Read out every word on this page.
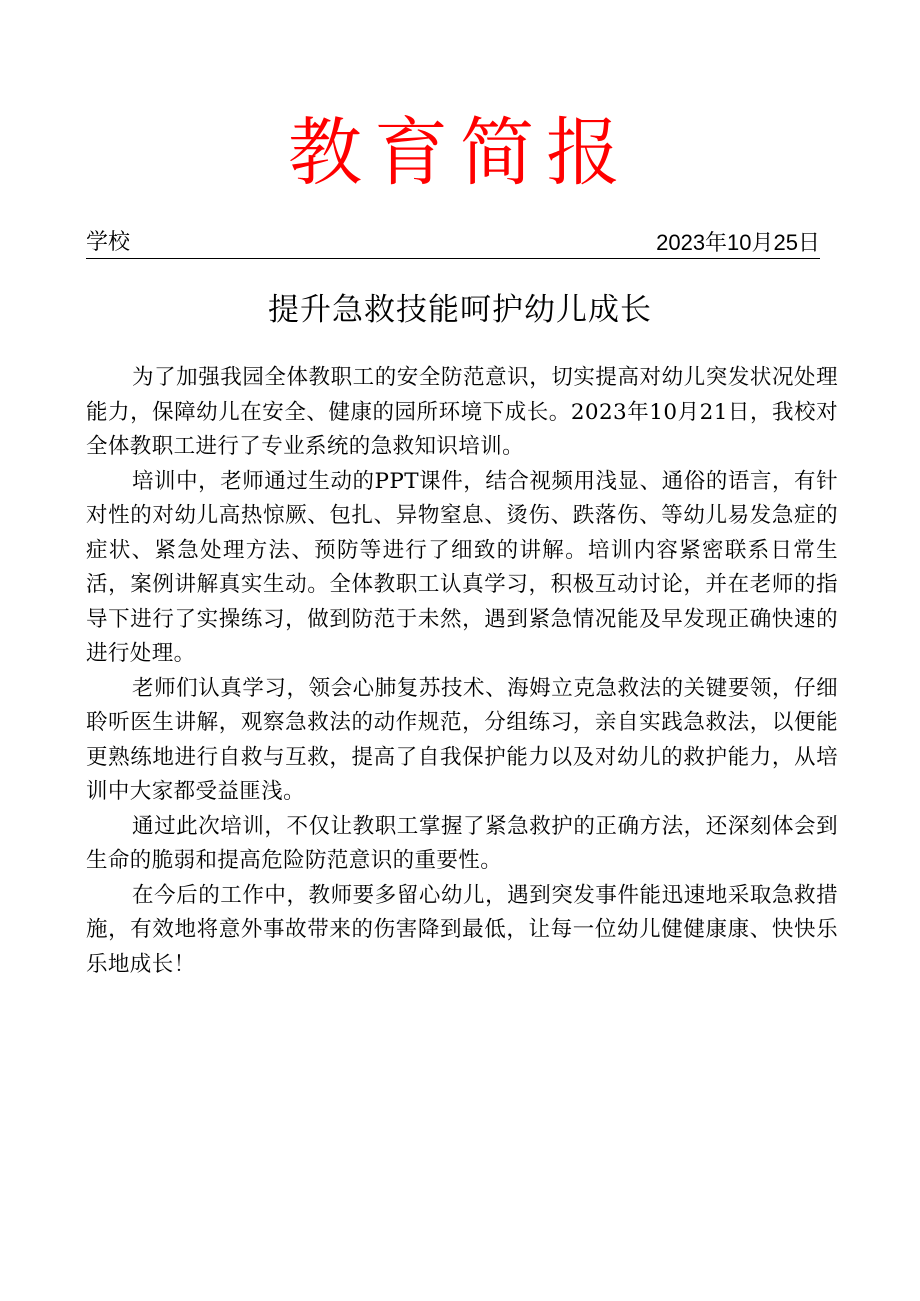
教育简报
学校	2023年10月25日
提升急救技能呵护幼儿成长

为了加强我园全体教职工的安全防范意识，切实提高对幼儿突发状况处理能力，保障幼儿在安全、健康的园所环境下成长。2023年10月21日，我校对全体教职工进行了专业系统的急救知识培训。

培训中，老师通过生动的PPT课件，结合视频用浅显、通俗的语言，有针对性的对幼儿高热惊厥、包扎、异物窒息、烫伤、跌落伤、等幼儿易发急症的症状、紧急处理方法、预防等进行了细致的讲解。培训内容紧密联系日常生活，案例讲解真实生动。全体教职工认真学习，积极互动讨论，并在老师的指导下进行了实操练习，做到防范于未然，遇到紧急情况能及早发现正确快速的进行处理。

老师们认真学习，领会心肺复苏技术、海姆立克急救法的关键要领，仔细聆听医生讲解，观察急救法的动作规范，分组练习，亲自实践急救法，以便能更熟练地进行自救与互救，提高了自我保护能力以及对幼儿的救护能力，从培训中大家都受益匪浅。

通过此次培训，不仅让教职工掌握了紧急救护的正确方法，还深刻体会到生命的脆弱和提高危险防范意识的重要性。

在今后的工作中，教师要多留心幼儿，遇到突发事件能迅速地采取急救措施，有效地将意外事故带来的伤害降到最低，让每一位幼儿健健康康、快快乐乐地成长！
